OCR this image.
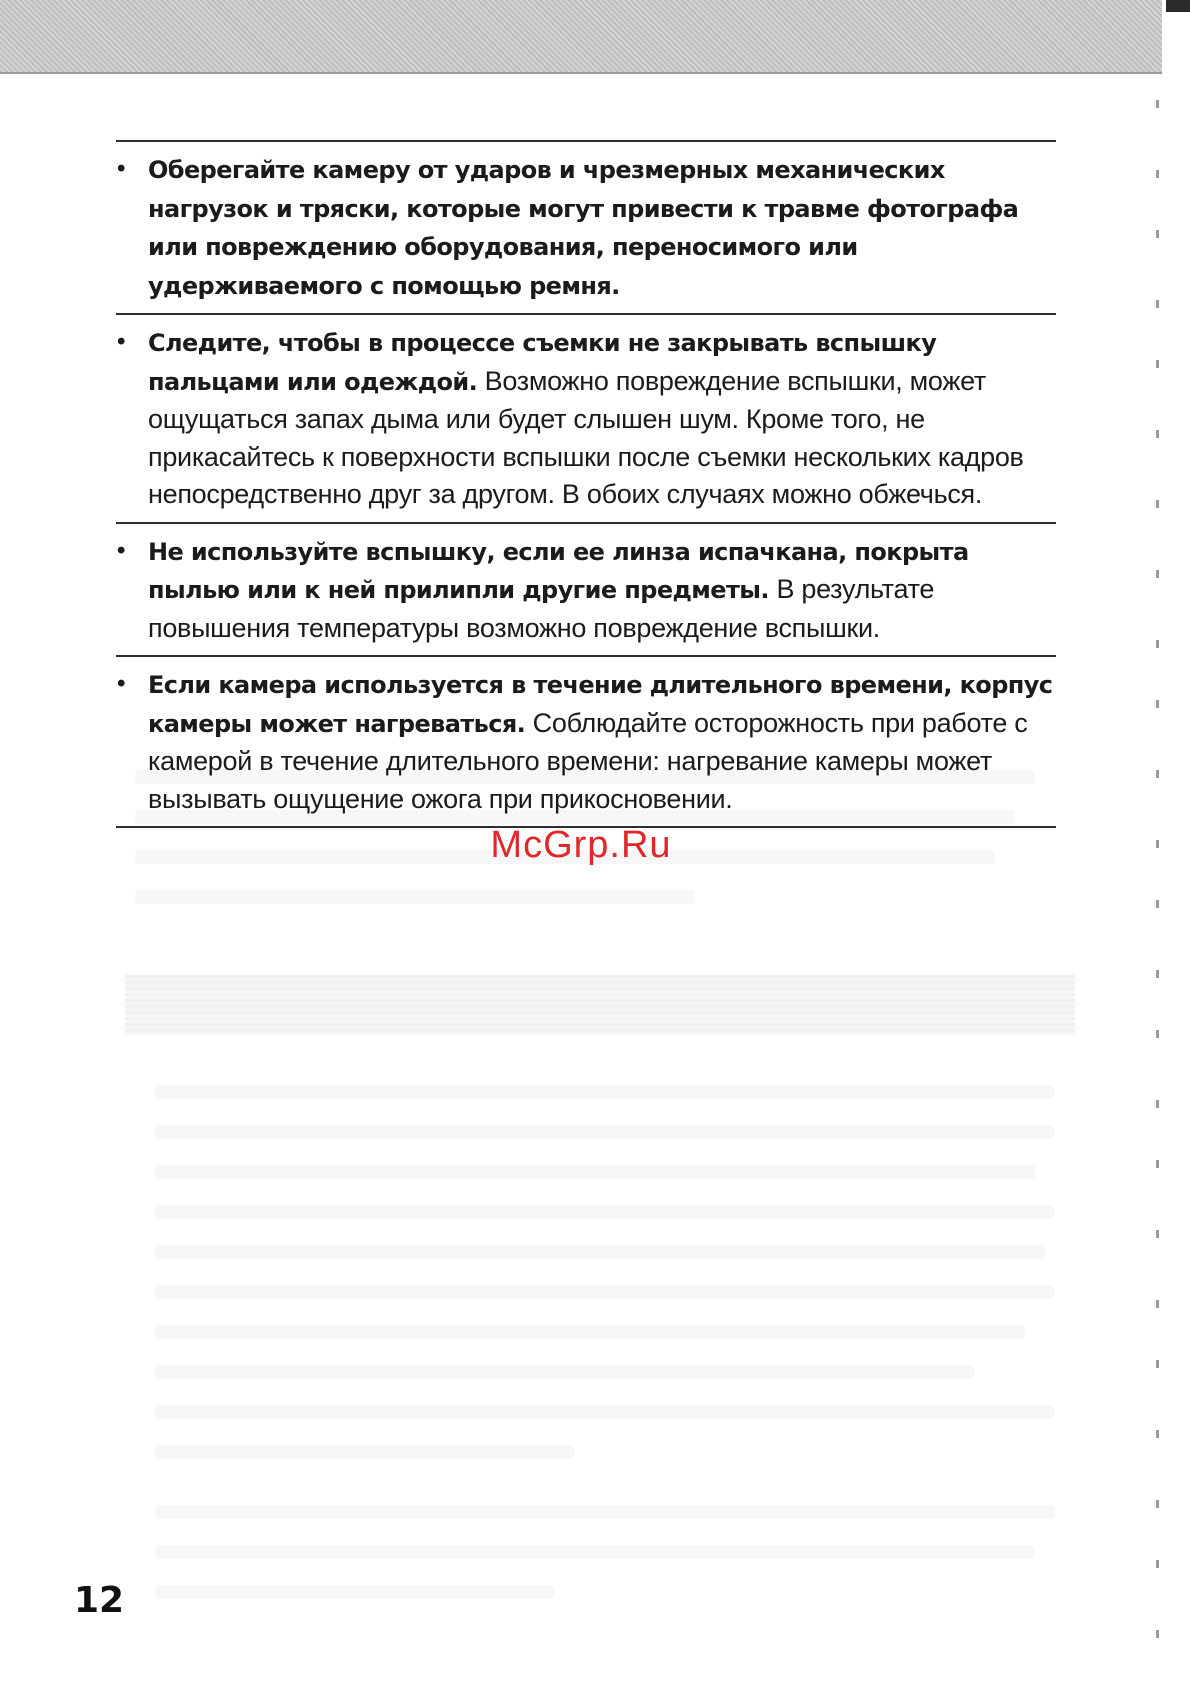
• Оберегайте камеру от ударов и чрезмерных механических нагрузок и тряски, которые могут привести к травме фотографа или повреждению оборудования, переносимого или удерживаемого с помощью ремня.
• Следите, чтобы в процессе съемки не закрывать вспышку пальцами или одеждой. Возможно повреждение вспышки, может ощущаться запах дыма или будет слышен шум. Кроме того, не прикасайтесь к поверхности вспышки после съемки нескольких кадров непосредственно друг за другом. В обоих случаях можно обжечься.
• Не используйте вспышку, если ее линза испачкана, покрыта пылью или к ней прилипли другие предметы. В результате повышения температуры возможно повреждение вспышки.
• Если камера используется в течение длительного времени, корпус камеры может нагреваться. Соблюдайте осторожность при работе с камерой в течение длительного времени: нагревание камеры может вызывать ощущение ожога при прикосновении.
McGrp.Ru
12
